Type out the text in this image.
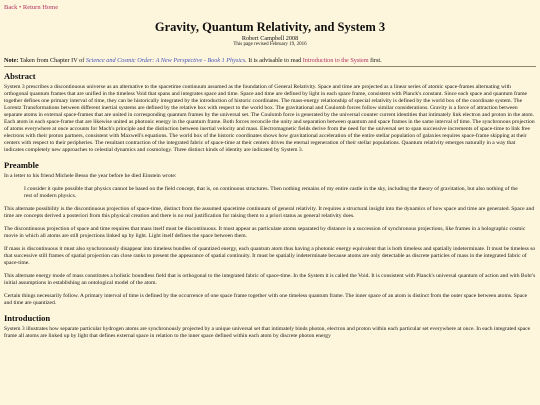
Back • Return Home
Gravity, Quantum Relativity, and System 3
Robert Campbell 2008
This page revised February 19, 2016
Note: Taken from Chapter IV of Science and Cosmic Order: A New Perspective - Book 1 Physics. It is advisable to read Introduction to the System first.
Abstract

System 3 prescribes a discontinuous universe as an alternative to the spacetime continuum assumed as the foundation of General Relativity. Space and time are projected as a linear series of atomic space-frames alternating with orthogonal quantum frames that are unified in the timeless Void that spans and integrates space and time. Space and time are defined by light in each space frame, consistent with Planck's constant. Since each space and quantum frame together defines one primary interval of time, they can be historically integrated by the introduction of historic coordinates. The mass-energy relationship of special relativity is defined by the world box of the coordinate system. The Lorentz Transformations between different inertial systems are defined by the relative box with respect to the world box. The gravitational and Coulomb forces follow similar considerations. Gravity is a force of attraction between separate atoms in external space-frames that are united in corresponding quantum frames by the universal set. The Coulomb force is generated by the universal counter current identities that intimately link electron and proton in the atom. Each atom in each space-frame that are likewise united as photonic energy in the quantum frame. Both forces reconcile the unity and separation between quantum and space frames in the same interval of time. The synchronous projection of atoms everywhere at once accounts for Mach's principle and the distinction between inertial velocity and mass. Electromagnetic fields derive from the need for the universal set to span successive increments of space-time to link free electrons with their proton partners, consistent with Maxwell's equations. The world box of the historic coordinates shows how gravitational acceleration of the entire stellar population of galaxies requires space-frame skipping at their centers with respect to their peripheries. The resultant contraction of the integrated fabric of space-time at their centers drives the eternal regeneration of their stellar populations. Quantum relativity emerges naturally in a way that indicates completely new approaches to celestial dynamics and cosmology. Three distinct kinds of identity are indicated by System 3.

Preamble

In a letter to his friend Michele Besso the year before he died Einstein wrote:

I consider it quite possible that physics cannot be based on the field concept, that is, on continuous structures. Then nothing remains of my entire castle in the sky, including the theory of gravitation, but also nothing of the rest of modern physics.

This alternate possibility is the discontinuous projection of space-time, distinct from the assumed spacetime continuum of general relativity. It requires a structural insight into the dynamics of how space and time are generated. Space and time are concepts derived a posteriori from this physical creation and there is no real justification for raising them to a priori status as general relativity does.

The discontinuous projection of space and time requires that mass itself must be discontinuous. It must appear as particulate atoms separated by distance in a succession of synchronous projections, like frames in a holographic cosmic movie in which all atoms are still projections linked up by light. Light itself defines the space between them.

If mass is discontinuous it must also synchronously disappear into timeless bundles of quantized energy, each quantum atom thus having a photonic energy equivalent that is both timeless and spatially indeterminate. It must be timeless so that successive still frames of spatial projection can close ranks to present the appearance of spatial continuity. It must be spatially indeterminate because atoms are only detectable as discrete particles of mass in the integrated fabric of space-time.

This alternate energy mode of mass constitutes a holistic boundless field that is orthogonal to the integrated fabric of space-time. In the System it is called the Void. It is consistent with Planck's universal quantum of action and with Bohr's initial assumptions in establishing an ontological model of the atom.

Certain things necessarily follow. A primary interval of time is defined by the occurrence of one space frame together with one timeless quantum frame. The inner space of an atom is distinct from the outer space between atoms. Space and time are quantized.

Introduction

System 3 illustrates how separate particular hydrogen atoms are synchronously projected by a unique universal set that intimately binds photon, electron and proton within each particular set everywhere at once. In each integrated space frame all atoms are linked up by light that defines external space in relation to the inner space defined within each atom by discrete photon energy
